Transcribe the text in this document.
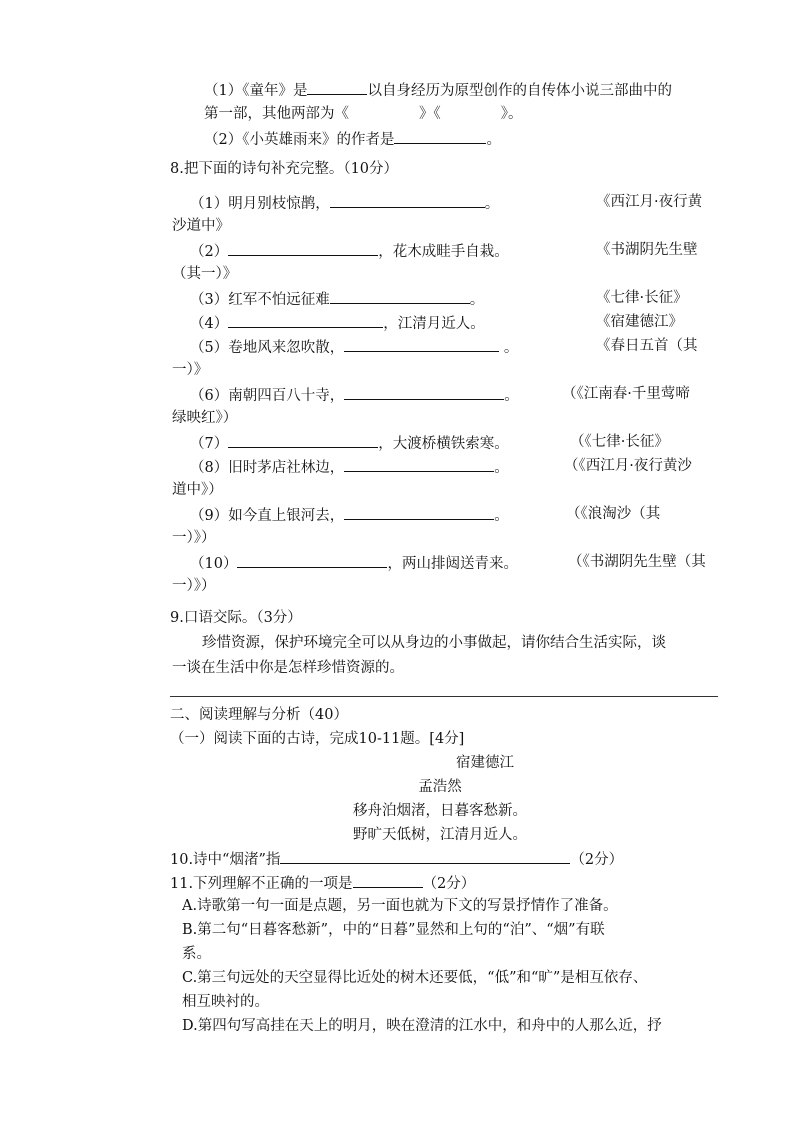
（1）《童年》是	以自身经历为原型创作的自传体小说三部曲中的
第一部，其他两部为《	》《	》。
（2）《小英雄雨来》的作者是	。
8.把下面的诗句补充完整。（10分）
（1）明月别枝惊鹊，	。	《西江月·夜行黄
沙道中》
（2）	，花木成畦手自栽。	《书湖阴先生壁
（其一）》
（3）红军不怕远征难	。	《七律·长征》
（4）	，江清月近人。	《宿建德江》
（5）卷地风来忽吹散，	。	《春日五首（其
一）》
（6）南朝四百八十寺，	。	（《江南春·千里莺啼
绿映红》）
（7）	，大渡桥横铁索寒。	（《七律·长征》
（8）旧时茅店社林边，	。	（《西江月·夜行黄沙
道中》）
（9）如今直上银河去，	。	（《浪淘沙（其
一）》）
（10）	，两山排闼送青来。	（《书湖阴先生壁（其
一）》）
9.口语交际。（3分）
珍惜资源，保护环境完全可以从身边的小事做起，请你结合生活实际，谈
一谈在生活中你是怎样珍惜资源的。
二、阅读理解与分析（40）
（一）阅读下面的古诗，完成10-11题。[4分]
宿建德江
孟浩然
移舟泊烟渚，日暮客愁新。
野旷天低树，江清月近人。
10.诗中“烟渚”指	（2分）
11.下列理解不正确的一项是	（2分）
A.诗歌第一句一面是点题，另一面也就为下文的写景抒情作了准备。
B.第二句“日暮客愁新”，中的“日暮”显然和上句的“泊”、“烟”有联
系。
C.第三句远处的天空显得比近处的树木还要低，“低”和“旷”是相互依存、
相互映衬的。
D.第四句写高挂在天上的明月，映在澄清的江水中，和舟中的人那么近，抒
